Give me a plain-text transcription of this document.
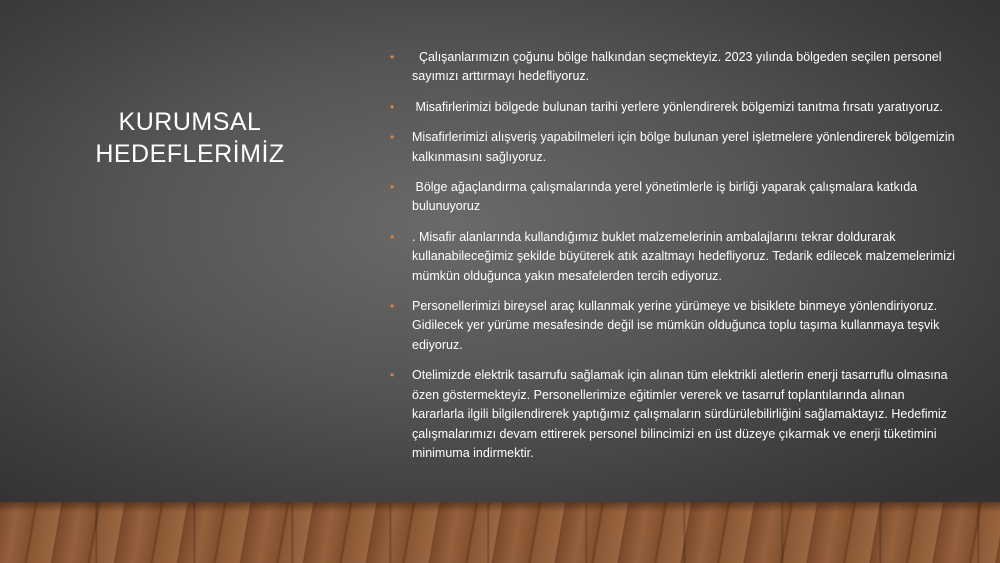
KURUMSAL HEDEFLERİMİZ
• Çalışanlarımızın çoğunu bölge halkından seçmekteyiz. 2023 yılında bölgeden seçilen personel sayımızı arttırmayı hedefliyoruz.
• Misafirlerimizi bölgede bulunan tarihi yerlere yönlendirerek bölgemizi tanıtma fırsatı yaratıyoruz.
• Misafirlerimizi alışveriş yapabilmeleri için bölge bulunan yerel işletmelere yönlendirerek bölgemizin kalkınmasını sağlıyoruz.
• Bölge ağaçlandırma çalışmalarında yerel yönetimlerle iş birliği yaparak çalışmalara katkıda bulunuyoruz
• . Misafir alanlarında kullandığımız buklet malzemelerinin ambalajlarını tekrar doldurarak kullanabileceğimiz şekilde büyüterek atık azaltmayı hedefliyoruz. Tedarik edilecek malzemelerimizi mümkün olduğunca yakın mesafelerden tercih ediyoruz.
• Personellerimizi bireysel araç kullanmak yerine yürümeye ve bisiklete binmeye yönlendiriyoruz. Gidilecek yer yürüme mesafesinde değil ise mümkün olduğunca toplu taşıma kullanmaya teşvik ediyoruz.
• Otelimizde elektrik tasarrufu sağlamak için alınan tüm elektrikli aletlerin enerji tasarruflu olmasına özen göstermekteyiz. Personellerimize eğitimler vererek ve tasarruf toplantılarında alınan kararlarla ilgili bilgilendirerek yaptığımız çalışmaların sürdürülebilirliğini sağlamaktayız. Hedefimiz çalışmalarımızı devam ettirerek personel bilincimizi en üst düzeye çıkarmak ve enerji tüketimini minimuma indirmektir.
